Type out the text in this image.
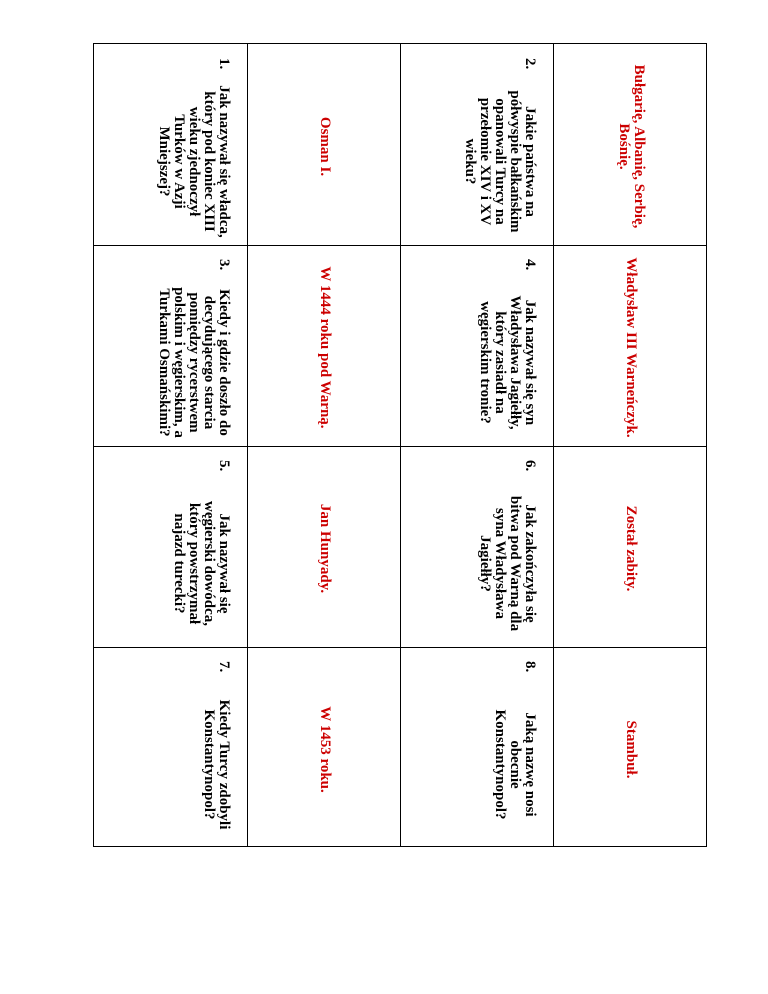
1.
Jak nazywał się władca, który pod koniec XIII wieku zjednoczył Turków w Azji Mniejszej?	Osman I.
2.
Jakie państwa na półwyspie bałkańskim opanowali Turcy na przełomie XIV i XV wieku?	Bułgarię, Albanię, Serbię, Bośnię.
3.
Kiedy i gdzie doszło do decydującego starcia pomiędzy rycerstwem polskim i węgierskim, a Turkami Osmańskimi?	W 1444 roku pod Warną.
4.
Jak nazywał się syn Władysława Jagiełły, który zasiadł na węgierskim tronie?	Władysław III Warneńczyk.
5.
Jak nazywał się węgierski dowódca, który powstrzymał najazd turecki?	Jan Hunyady.
6.
Jak zakończyła się bitwa pod Warną dla syna Władysława Jagiełły?	Został zabity.
7.
Kiedy Turcy zdobyli Konstantynopol?	W 1453 roku.
8.
Jaką nazwę nosi obecnie Konstantynopol?	Stambuł.
